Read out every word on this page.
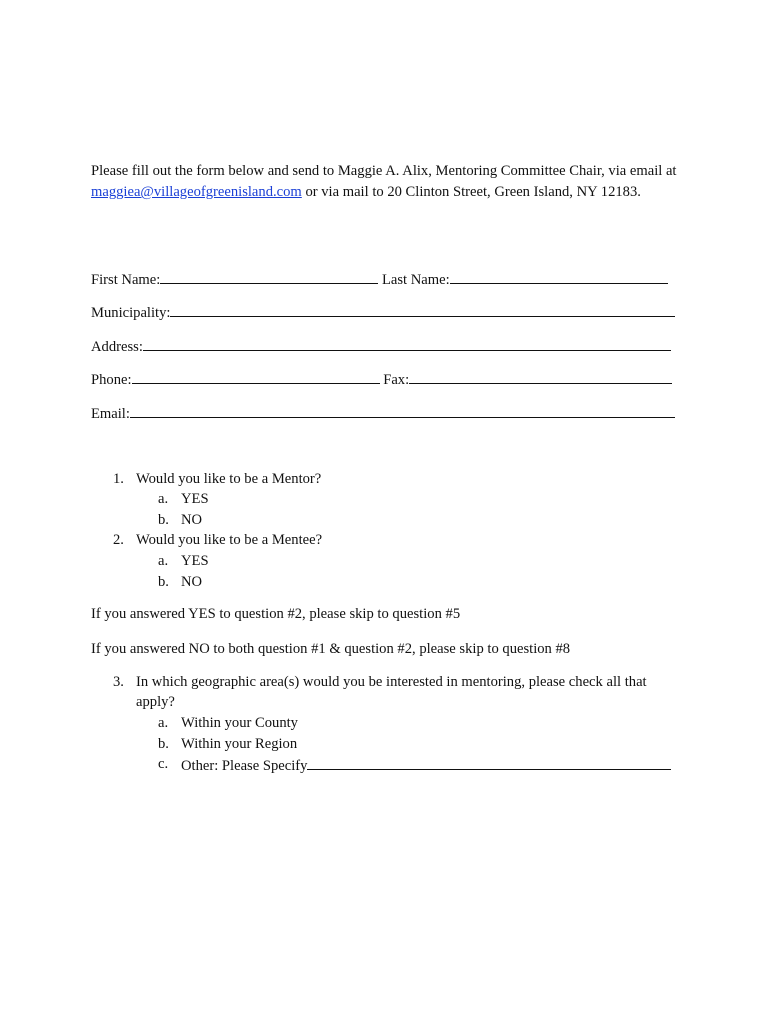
Please fill out the form below and send to Maggie A. Alix, Mentoring Committee Chair, via email at maggiea@villageofgreenisland.com or via mail to 20 Clinton Street, Green Island, NY 12183.
First Name:	Last Name:
Municipality:
Address:
Phone:	Fax:
Email:
1. Would you like to be a Mentor?
a. YES
b. NO
2. Would you like to be a Mentee?
a. YES
b. NO
If you answered YES to question #2, please skip to question #5
If you answered NO to both question #1 & question #2, please skip to question #8
3. In which geographic area(s) would you be interested in mentoring, please check all that
apply?
a. Within your County
b. Within your Region
c. Other: Please Specify
